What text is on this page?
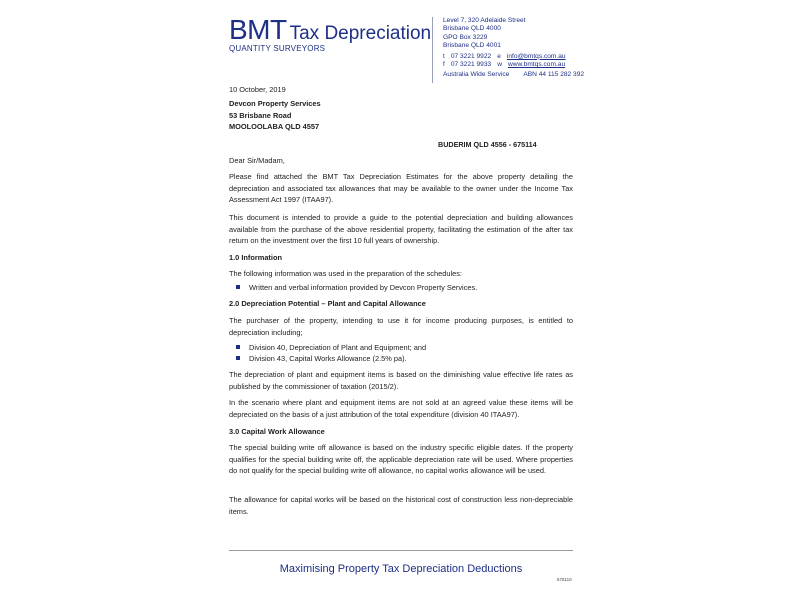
BMT Tax Depreciation
QUANTITY SURVEYORS
Level 7, 320 Adelaide Street
Brisbane QLD 4000
GPO Box 3229
Brisbane QLD 4001
t 07 3221 9922 e info@bmtqs.com.au
f 07 3221 9933 w www.bmtqs.com.au
Australia Wide Service ABN 44 115 282 392
10 October, 2019
Devcon Property Services
53 Brisbane Road
MOOLOOLABA QLD 4557
BUDERIM QLD 4556 - 675114
Dear Sir/Madam,
Please find attached the BMT Tax Depreciation Estimates for the above property detailing the depreciation and associated tax allowances that may be available to the owner under the Income Tax Assessment Act 1997 (ITAA97).
This document is intended to provide a guide to the potential depreciation and building allowances available from the purchase of the above residential property, facilitating the estimation of the after tax return on the investment over the first 10 full years of ownership.
1.0 Information
The following information was used in the preparation of the schedules:
Written and verbal information provided by Devcon Property Services.
2.0 Depreciation Potential – Plant and Capital Allowance
The purchaser of the property, intending to use it for income producing purposes, is entitled to depreciation including;
Division 40, Depreciation of Plant and Equipment; and
Division 43, Capital Works Allowance (2.5% pa).
The depreciation of plant and equipment items is based on the diminishing value effective life rates as published by the commissioner of taxation (2015/2).
In the scenario where plant and equipment items are not sold at an agreed value these items will be depreciated on the basis of a just attribution of the total expenditure (division 40 ITAA97).
3.0 Capital Work Allowance
The special building write off allowance is based on the industry specific eligible dates. If the property qualifies for the special building write off, the applicable depreciation rate will be used. Where properties do not qualify for the special building write off allowance, no capital works allowance will be used.
The allowance for capital works will be based on the historical cost of construction less non-depreciable items.
Maximising Property Tax Depreciation Deductions
675110
